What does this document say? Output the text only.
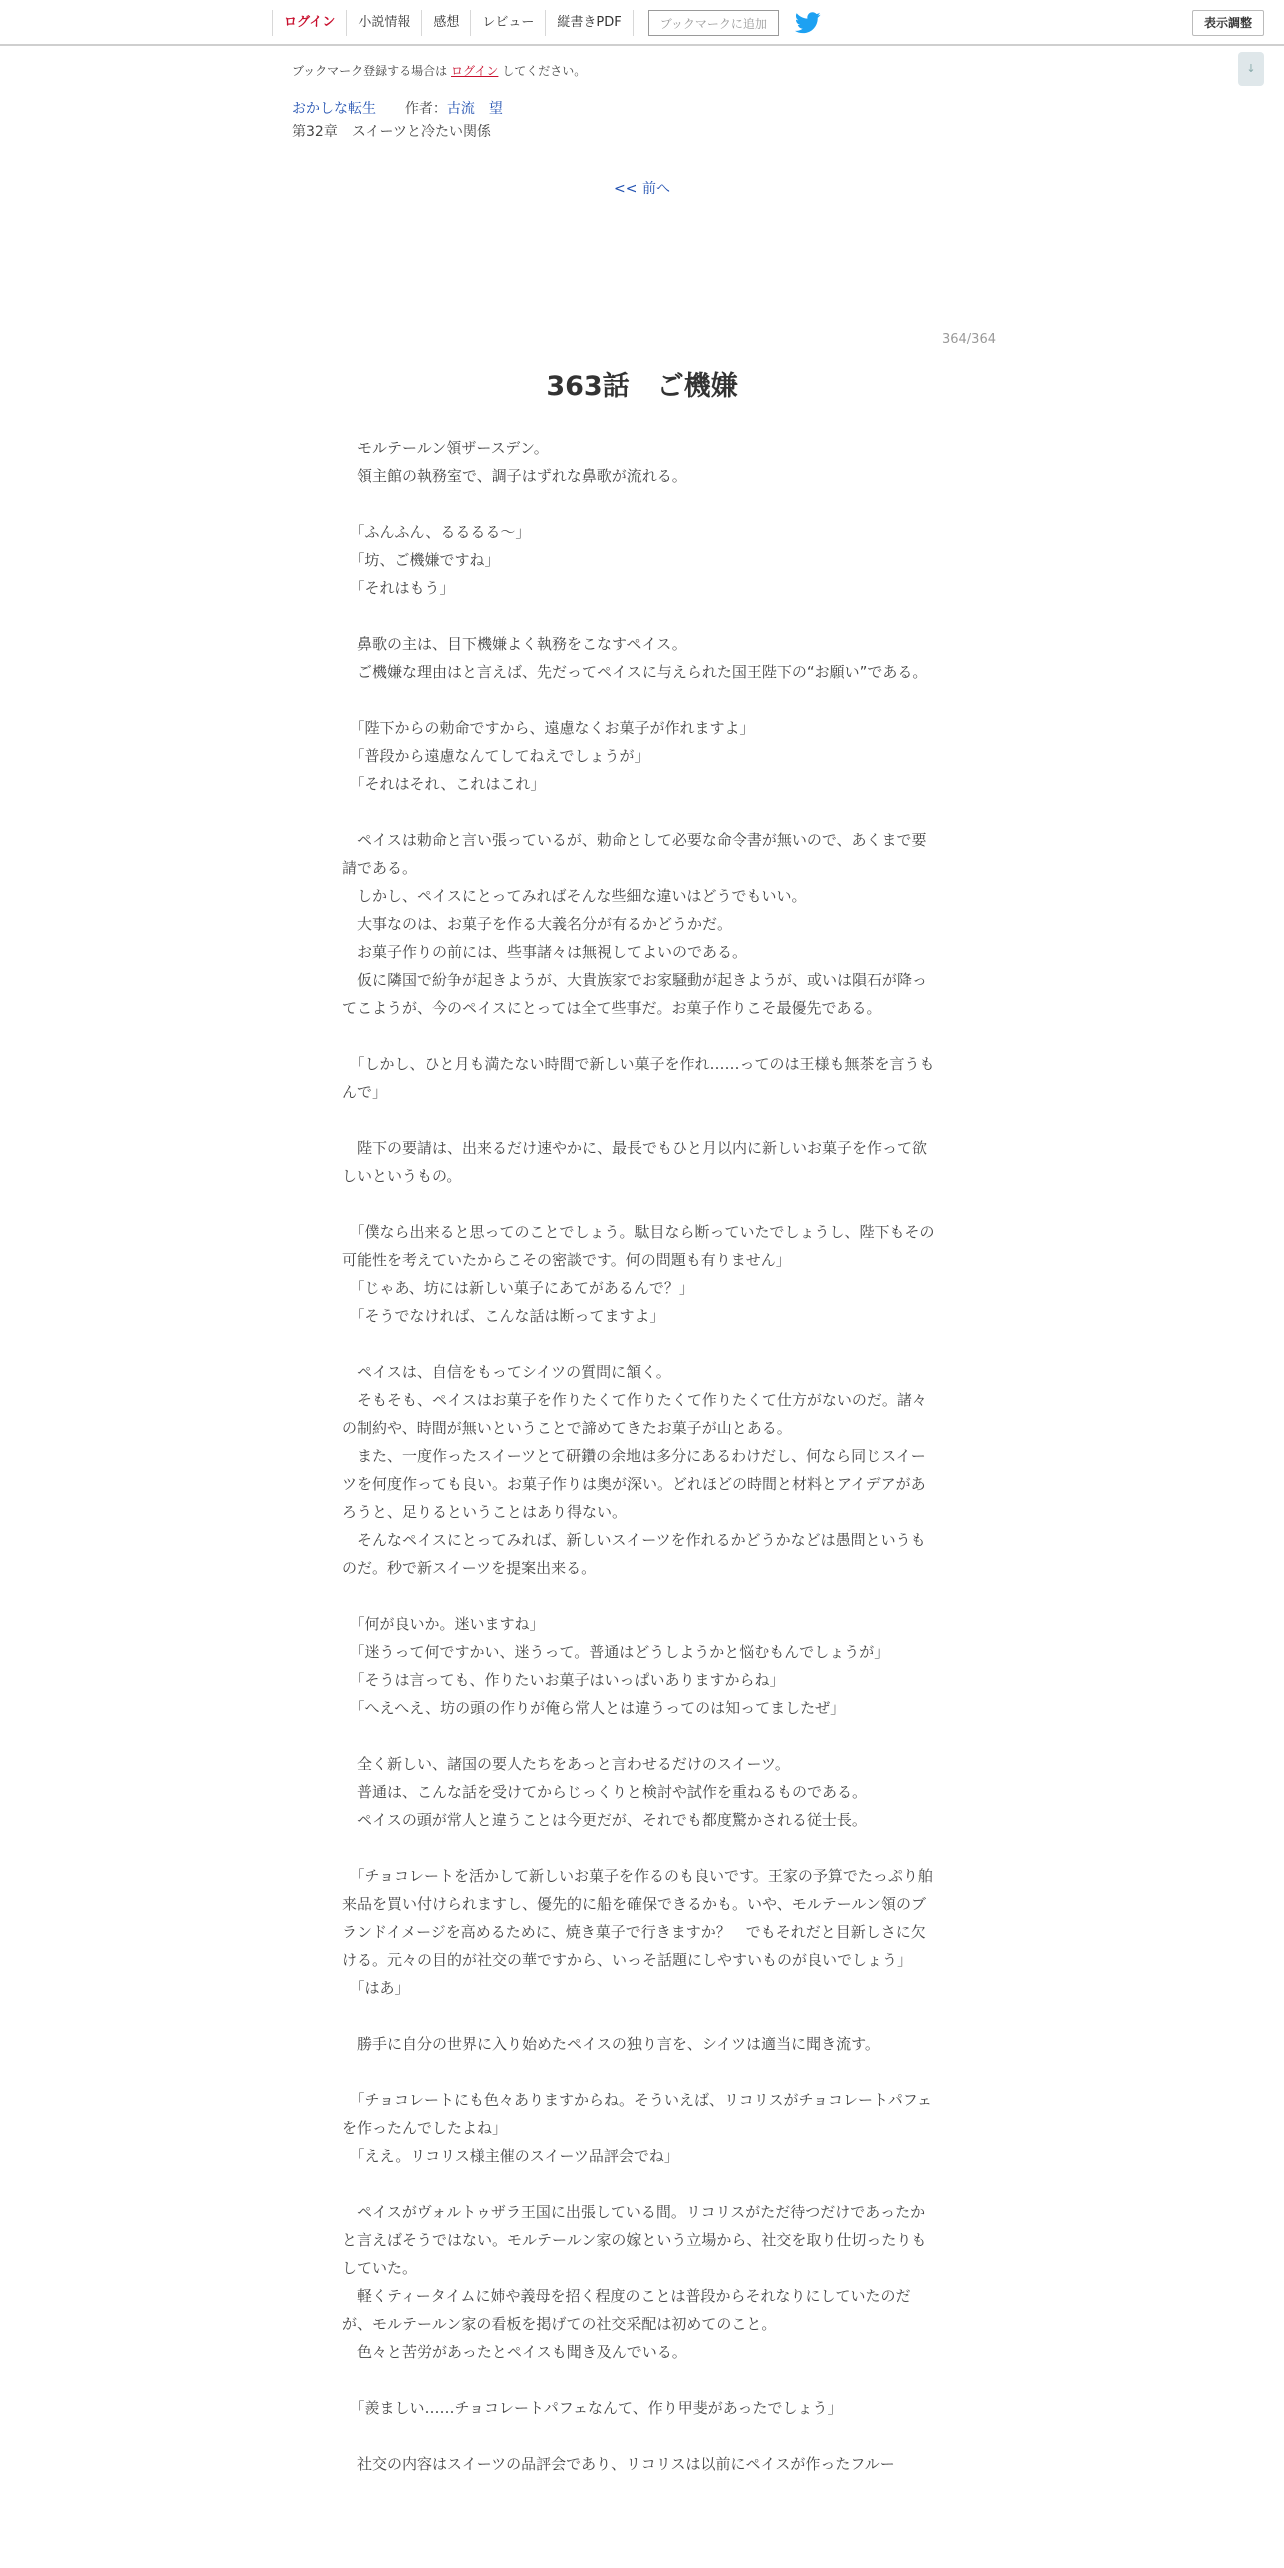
ログイン	小説情報	感想	レビュー	縦書きPDF	ブックマークに追加	表示調整
↓
ブックマーク登録する場合は ログイン してください。
おかしな転生 作者：古流　望
第32章　スイーツと冷たい関係
<< 前へ
364/364
363話　ご機嫌

　モルテールン領ザースデン。

　領主館の執務室で、調子はずれな鼻歌が流れる。

　「ふんふん、るるるる～」

　「坊、ご機嫌ですね」

　「それはもう」

　鼻歌の主は、目下機嫌よく執務をこなすペイス。

　ご機嫌な理由はと言えば、先だってペイスに与えられた国王陛下の“お願い”である。

　「陛下からの勅命ですから、遠慮なくお菓子が作れますよ」

　「普段から遠慮なんてしてねえでしょうが」

　「それはそれ、これはこれ」

　ペイスは勅命と言い張っているが、勅命として必要な命令書が無いので、あくまで要請である。

　しかし、ペイスにとってみればそんな些細な違いはどうでもいい。

　大事なのは、お菓子を作る大義名分が有るかどうかだ。

　お菓子作りの前には、些事諸々は無視してよいのである。

　仮に隣国で紛争が起きようが、大貴族家でお家騒動が起きようが、或いは隕石が降ってこようが、今のペイスにとっては全て些事だ。お菓子作りこそ最優先である。

　「しかし、ひと月も満たない時間で新しい菓子を作れ……ってのは王様も無茶を言うもんで」

　陛下の要請は、出来るだけ速やかに、最長でもひと月以内に新しいお菓子を作って欲しいというもの。

　「僕なら出来ると思ってのことでしょう。駄目なら断っていたでしょうし、陛下もその可能性を考えていたからこその密談です。何の問題も有りません」

　「じゃあ、坊には新しい菓子にあてがあるんで？」

　「そうでなければ、こんな話は断ってますよ」

　ペイスは、自信をもってシイツの質問に頷く。

　そもそも、ペイスはお菓子を作りたくて作りたくて作りたくて仕方がないのだ。諸々の制約や、時間が無いということで諦めてきたお菓子が山とある。

　また、一度作ったスイーツとて研鑽の余地は多分にあるわけだし、何なら同じスイーツを何度作っても良い。お菓子作りは奥が深い。どれほどの時間と材料とアイデアがあろうと、足りるということはあり得ない。

　そんなペイスにとってみれば、新しいスイーツを作れるかどうかなどは愚問というものだ。秒で新スイーツを提案出来る。

　「何が良いか。迷いますね」

　「迷うって何ですかい、迷うって。普通はどうしようかと悩むもんでしょうが」

　「そうは言っても、作りたいお菓子はいっぱいありますからね」

　「へえへえ、坊の頭の作りが俺ら常人とは違うってのは知ってましたぜ」

　全く新しい、諸国の要人たちをあっと言わせるだけのスイーツ。

　普通は、こんな話を受けてからじっくりと検討や試作を重ねるものである。

　ペイスの頭が常人と違うことは今更だが、それでも都度驚かされる従士長。

　「チョコレートを活かして新しいお菓子を作るのも良いです。王家の予算でたっぷり舶来品を買い付けられますし、優先的に船を確保できるかも。いや、モルテールン領のブランドイメージを高めるために、焼き菓子で行きますか？　でもそれだと目新しさに欠ける。元々の目的が社交の華ですから、いっそ話題にしやすいものが良いでしょう」

　「はあ」

　勝手に自分の世界に入り始めたペイスの独り言を、シイツは適当に聞き流す。

　「チョコレートにも色々ありますからね。そういえば、リコリスがチョコレートパフェを作ったんでしたよね」

　「ええ。リコリス様主催のスイーツ品評会でね」

　ペイスがヴォルトゥザラ王国に出張している間。リコリスがただ待つだけであったかと言えばそうではない。モルテールン家の嫁という立場から、社交を取り仕切ったりもしていた。

　軽くティータイムに姉や義母を招く程度のことは普段からそれなりにしていたのだが、モルテールン家の看板を掲げての社交采配は初めてのこと。

　色々と苦労があったとペイスも聞き及んでいる。

　「羨ましい……チョコレートパフェなんて、作り甲斐があったでしょう」

　社交の内容はスイーツの品評会であり、リコリスは以前にペイスが作ったフルー
